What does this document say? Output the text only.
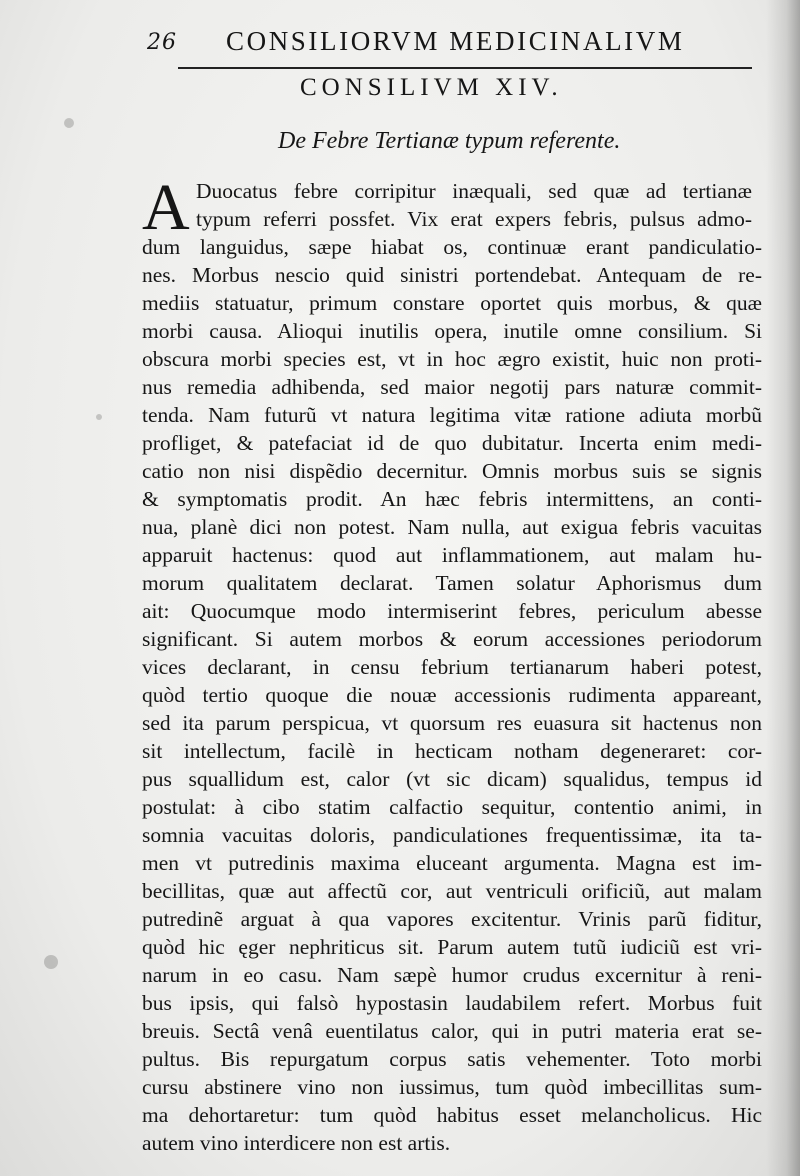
26 CONSILIORVM MEDICINALIVM
CONSILIVM XIV.
De Febre Tertianæ typum referente.
A Duocatus febre corripitur inæquali, sed quæ ad tertianæ
typum referri possfet. Vix erat expers febris, pulsus admo-
dum languidus, sæpe hiabat os, continuæ erant pandiculatio-
nes. Morbus nescio quid sinistri portendebat. Antequam de re-
mediis statuatur, primum constare oportet quis morbus, & quæ
morbi causa. Alioqui inutilis opera, inutile omne consilium. Si
obscura morbi species est, vt in hoc ægro existit, huic non proti-
nus remedia adhibenda, sed maior negotij pars naturæ commit-
tenda. Nam futurũ vt natura legitima vitæ ratione adiuta morbũ
profliget, & patefaciat id de quo dubitatur. Incerta enim medi-
catio non nisi dispẽdio decernitur. Omnis morbus suis se signis
& symptomatis prodit. An hæc febris intermittens, an conti-
nua, planè dici non potest. Nam nulla, aut exigua febris vacuitas
apparuit hactenus: quod aut inflammationem, aut malam hu-
morum qualitatem declarat. Tamen solatur Aphorismus dum
ait: Quocumque modo intermiserint febres, periculum abesse
significant. Si autem morbos & eorum accessiones periodorum
vices declarant, in censu febrium tertianarum haberi potest,
quòd tertio quoque die nouæ accessionis rudimenta appareant,
sed ita parum perspicua, vt quorsum res euasura sit hactenus non
sit intellectum, facilè in hecticam notham degeneraret: cor-
pus squallidum est, calor (vt sic dicam) squalidus, tempus id
postulat: à cibo statim calfactio sequitur, contentio animi, in
somnia vacuitas doloris, pandiculationes frequentissimæ, ita ta-
men vt putredinis maxima eluceant argumenta. Magna est im-
becillitas, quæ aut affectũ cor, aut ventriculi orificiũ, aut malam
putredinẽ arguat à qua vapores excitentur. Vrinis parũ fiditur,
quòd hic ęger nephriticus sit. Parum autem tutũ iudiciũ est vri-
narum in eo casu. Nam sæpè humor crudus excernitur à reni-
bus ipsis, qui falsò hypostasin laudabilem refert. Morbus fuit
breuis. Sectâ venâ euentilatus calor, qui in putri materia erat se-
pultus. Bis repurgatum corpus satis vehementer. Toto morbi
cursu abstinere vino non iussimus, tum quòd imbecillitas sum-
ma dehortaretur: tum quòd habitus esset melancholicus. Hic
autem vino interdicere non est artis.
